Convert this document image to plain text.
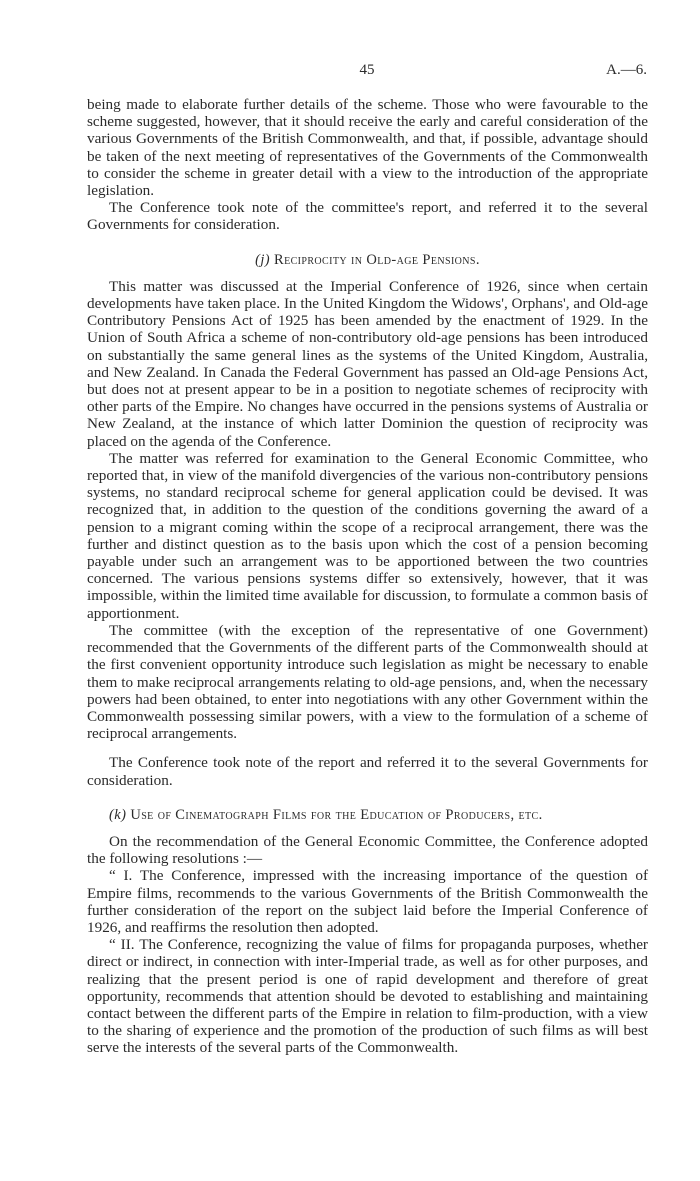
45	A.—6.

being made to elaborate further details of the scheme. Those who were favourable to the scheme suggested, however, that it should receive the early and careful consideration of the various Governments of the British Commonwealth, and that, if possible, advantage should be taken of the next meeting of representatives of the Governments of the Commonwealth to consider the scheme in greater detail with a view to the introduction of the appropriate legislation.

The Conference took note of the committee's report, and referred it to the several Governments for consideration.

(j) Reciprocity in Old-age Pensions.

This matter was discussed at the Imperial Conference of 1926, since when certain developments have taken place. In the United Kingdom the Widows', Orphans', and Old-age Contributory Pensions Act of 1925 has been amended by the enactment of 1929. In the Union of South Africa a scheme of non-contributory old-age pensions has been introduced on substantially the same general lines as the systems of the United Kingdom, Australia, and New Zealand. In Canada the Federal Government has passed an Old-age Pensions Act, but does not at present appear to be in a position to negotiate schemes of reciprocity with other parts of the Empire. No changes have occurred in the pensions systems of Australia or New Zealand, at the instance of which latter Dominion the question of reciprocity was placed on the agenda of the Conference.

The matter was referred for examination to the General Economic Committee, who reported that, in view of the manifold divergencies of the various non-contributory pensions systems, no standard reciprocal scheme for general application could be devised. It was recognized that, in addition to the question of the conditions governing the award of a pension to a migrant coming within the scope of a reciprocal arrangement, there was the further and distinct question as to the basis upon which the cost of a pension becoming payable under such an arrangement was to be apportioned between the two countries concerned. The various pensions systems differ so extensively, however, that it was impossible, within the limited time available for discussion, to formulate a common basis of apportionment.

The committee (with the exception of the representative of one Government) recommended that the Governments of the different parts of the Commonwealth should at the first convenient opportunity introduce such legislation as might be necessary to enable them to make reciprocal arrangements relating to old-age pensions, and, when the necessary powers had been obtained, to enter into negotiations with any other Government within the Commonwealth possessing similar powers, with a view to the formulation of a scheme of reciprocal arrangements.

The Conference took note of the report and referred it to the several Governments for consideration.

(k) Use of Cinematograph Films for the Education of Producers, etc.

On the recommendation of the General Economic Committee, the Conference adopted the following resolutions :—

“ I. The Conference, impressed with the increasing importance of the question of Empire films, recommends to the various Governments of the British Commonwealth the further consideration of the report on the subject laid before the Imperial Conference of 1926, and reaffirms the resolution then adopted.

“ II. The Conference, recognizing the value of films for propaganda purposes, whether direct or indirect, in connection with inter-Imperial trade, as well as for other purposes, and realizing that the present period is one of rapid development and therefore of great opportunity, recommends that attention should be devoted to establishing and maintaining contact between the different parts of the Empire in relation to film-production, with a view to the sharing of experience and the promotion of the production of such films as will best serve the interests of the several parts of the Commonwealth.
